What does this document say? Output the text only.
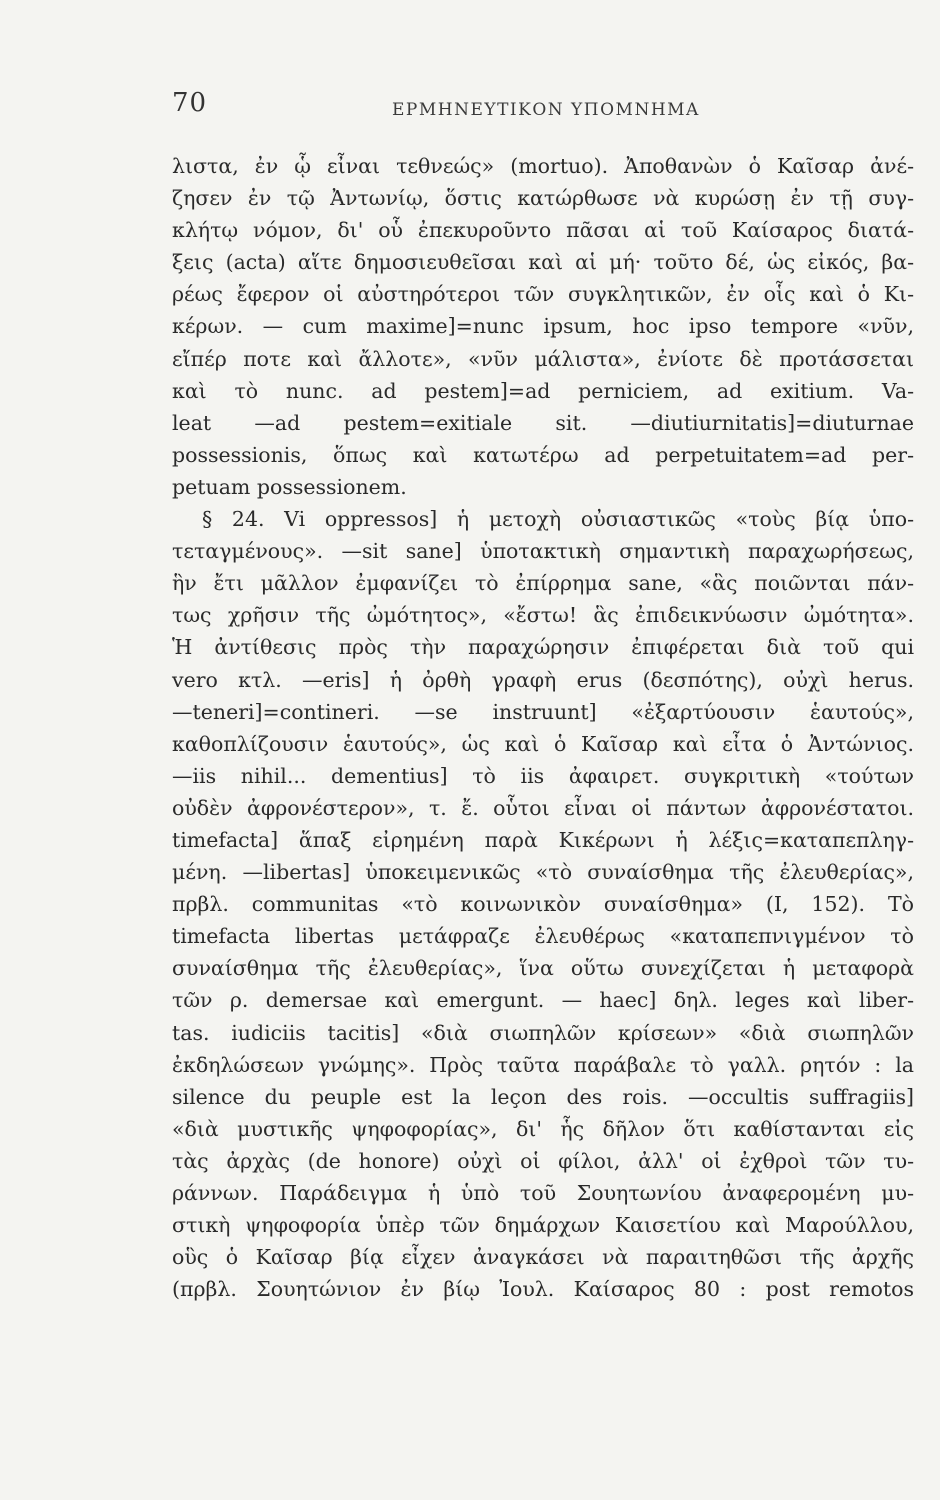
70	ΕΡΜΗΝΕΥΤΙΚΟΝ ΥΠΟΜΝΗΜΑ
λιστα, ἐν ᾧ εἶναι τεθνεώς» (mortuo). Ἀποθανὼν ὁ Καῖσαρ ἀνέ-
ζησεν ἐν τῷ Ἀντωνίῳ, ὅστις κατώρθωσε νὰ κυρώσῃ ἐν τῇ συγ-
κλήτῳ νόμον, δι' οὗ ἐπεκυροῦντο πᾶσαι αἱ τοῦ Καίσαρος διατά-
ξεις (acta) αἵτε δημοσιευθεῖσαι καὶ αἱ μή· τοῦτο δέ, ὡς εἰκός, βα-
ρέως ἔφερον οἱ αὐστηρότεροι τῶν συγκλητικῶν, ἐν οἷς καὶ ὁ Κι-
κέρων. — cum maxime]=nunc ipsum, hoc ipso tempore «νῦν,
εἴπέρ ποτε καὶ ἄλλοτε», «νῦν μάλιστα», ἐνίοτε δὲ προτάσσεται
καὶ τὸ nunc. ad pestem]=ad perniciem, ad exitium. Va-
leat —ad pestem=exitiale sit. —diutiurnitatis]=diuturnae
possessionis, ὅπως καὶ κατωτέρω ad perpetuitatem=ad per-
petuam possessionem.
§ 24. Vi oppressos] ἡ μετοχὴ οὐσιαστικῶς «τοὺς βίᾳ ὑπο-
τεταγμένους». —sit sane] ὑποτακτικὴ σημαντικὴ παραχωρήσεως,
ἣν ἔτι μᾶλλον ἐμφανίζει τὸ ἐπίρρημα sane, «ἃς ποιῶνται πάν-
τως χρῆσιν τῆς ὠμότητος», «ἔστω! ἃς ἐπιδεικνύωσιν ὠμότητα».
Ἡ ἀντίθεσις πρὸς τὴν παραχώρησιν ἐπιφέρεται διὰ τοῦ qui
vero κτλ. —eris] ἡ ὀρθὴ γραφὴ erus (δεσπότης), οὐχὶ herus.
—teneri]=contineri. —se instruunt] «ἐξαρτύουσιν ἑαυτούς»,
καθοπλίζουσιν ἑαυτούς», ὡς καὶ ὁ Καῖσαρ καὶ εἶτα ὁ Ἀντώνιος.
—iis nihil... dementius] τὸ iis ἀφαιρετ. συγκριτικὴ «τούτων
οὐδὲν ἀφρονέστερον», τ. ἔ. οὗτοι εἶναι οἱ πάντων ἀφρονέστατοι.
timefacta] ἅπαξ εἰρημένη παρὰ Κικέρωνι ἡ λέξις=καταπεπληγ-
μένη. —libertas] ὑποκειμενικῶς «τὸ συναίσθημα τῆς ἐλευθερίας»,
πρβλ. communitas «τὸ κοινωνικὸν συναίσθημα» (I, 152). Τὸ
timefacta libertas μετάφραζε ἐλευθέρως «καταπεπνιγμένον τὸ
συναίσθημα τῆς ἐλευθερίας», ἵνα οὕτω συνεχίζεται ἡ μεταφορὰ
τῶν ρ. demersae καὶ emergunt. — haec] δηλ. leges καὶ liber-
tas. iudiciis tacitis] «διὰ σιωπηλῶν κρίσεων» «διὰ σιωπηλῶν
ἐκδηλώσεων γνώμης». Πρὸς ταῦτα παράβαλε τὸ γαλλ. ρητόν : la
silence du peuple est la leçon des rois. —occultis suffragiis]
«διὰ μυστικῆς ψηφοφορίας», δι' ἧς δῆλον ὅτι καθίστανται εἰς
τὰς ἀρχὰς (de honore) οὐχὶ οἱ φίλοι, ἀλλ' οἱ ἐχθροὶ τῶν τυ-
ράννων. Παράδειγμα ἡ ὑπὸ τοῦ Σουητωνίου ἀναφερομένη μυ-
στικὴ ψηφοφορία ὑπὲρ τῶν δημάρχων Καισετίου καὶ Μαρούλλου,
οὓς ὁ Καῖσαρ βίᾳ εἶχεν ἀναγκάσει νὰ παραιτηθῶσι τῆς ἀρχῆς
(πρβλ. Σουητώνιον ἐν βίῳ Ἰουλ. Καίσαρος 80 : post remotos
